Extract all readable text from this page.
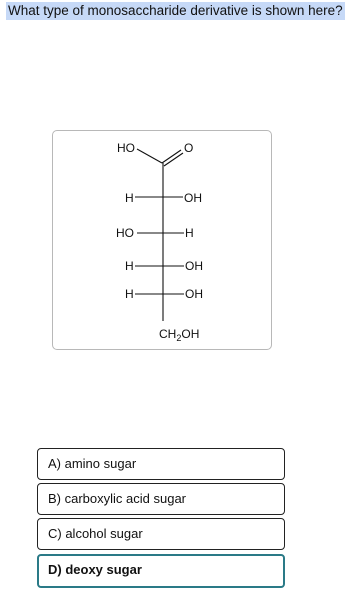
What type of monosaccharide derivative is shown here?
HO	O
H	OH
HO	H
H	OH
H	OH
$CH_2OH$
A) amino sugar
B) carboxylic acid sugar
C) alcohol sugar
D) deoxy sugar
